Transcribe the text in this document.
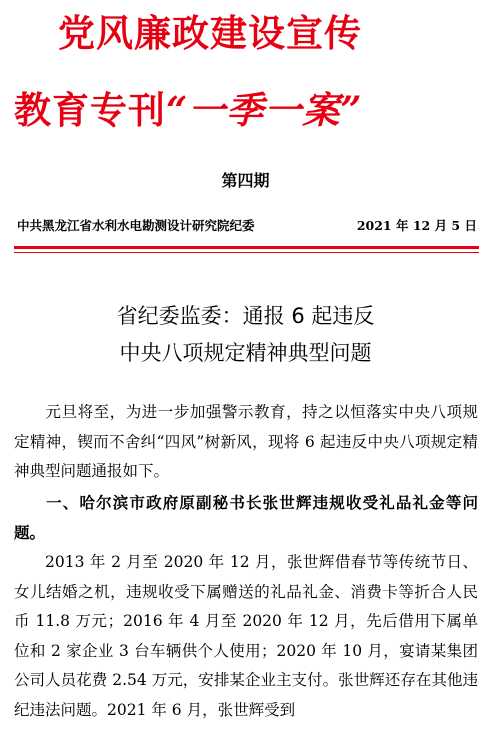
党风廉政建设宣传
教育专刊“一季一案”
第四期
中共黑龙江省水利水电勘测设计研究院纪委	2021 年 12 月 5 日
省纪委监委：通报 6 起违反
中央八项规定精神典型问题
元旦将至，为进一步加强警示教育，持之以恒落实中央八项规定精神，锲而不舍纠“四风”树新风，现将 6 起违反中央八项规定精神典型问题通报如下。
一、哈尔滨市政府原副秘书长张世辉违规收受礼品礼金等问题。
2013 年 2 月至 2020 年 12 月，张世辉借春节等传统节日、女儿结婚之机，违规收受下属赠送的礼品礼金、消费卡等折合人民币 11.8 万元；2016 年 4 月至 2020 年 12 月，先后借用下属单位和 2 家企业 3 台车辆供个人使用；2020 年 10 月，宴请某集团公司人员花费 2.54 万元，安排某企业主支付。张世辉还存在其他违纪违法问题。2021 年 6 月，张世辉受到
